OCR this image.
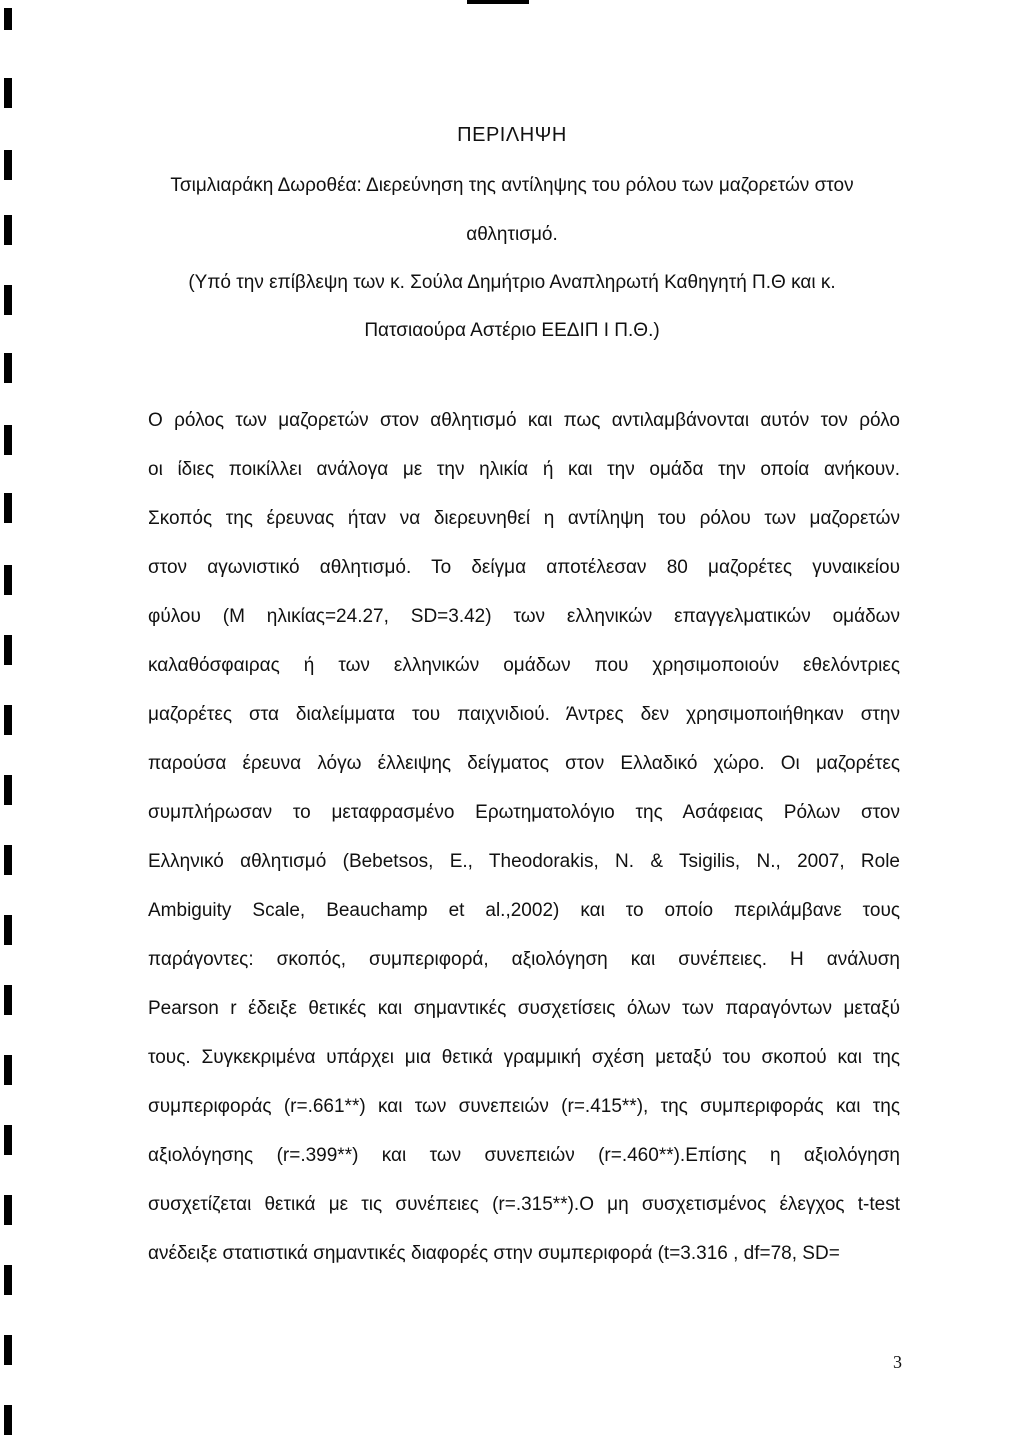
ΠΕΡΙΛΗΨΗ
Τσιμλιαράκη Δωροθέα: Διερεύνηση της αντίληψης του ρόλου των μαζορετών στον
αθλητισμό.
(Υπό την επίβλεψη των κ. Σούλα Δημήτριο Αναπληρωτή Καθηγητή Π.Θ και κ.
Πατσιαούρα Αστέριο ΕΕΔΙΠ Ι Π.Θ.)
Ο ρόλος των μαζορετών στον αθλητισμό και πως αντιλαμβάνονται αυτόν τον ρόλο
οι ίδιες ποικίλλει ανάλογα με την ηλικία ή και την ομάδα την οποία ανήκουν.
Σκοπός της έρευνας ήταν να διερευνηθεί η αντίληψη του ρόλου των μαζορετών
στον αγωνιστικό αθλητισμό. Το δείγμα αποτέλεσαν 80 μαζορέτες γυναικείου
φύλου (Μ ηλικίας=24.27, SD=3.42) των ελληνικών επαγγελματικών ομάδων
καλαθόσφαιρας ή των ελληνικών ομάδων που χρησιμοποιούν εθελόντριες
μαζορέτες στα διαλείμματα του παιχνιδιού. Άντρες δεν χρησιμοποιήθηκαν στην
παρούσα έρευνα λόγω έλλειψης δείγματος στον Ελλαδικό χώρο. Οι μαζορέτες
συμπλήρωσαν το μεταφρασμένο Ερωτηματολόγιο της Ασάφειας Ρόλων στον
Ελληνικό αθλητισμό (Bebetsos, E., Theodorakis, N. & Tsigilis, N., 2007, Role
Ambiguity Scale, Beauchamp et al.,2002) και το οποίο περιλάμβανε τους
παράγοντες: σκοπός, συμπεριφορά, αξιολόγηση και συνέπειες. Η ανάλυση
Pearson r έδειξε θετικές και σημαντικές συσχετίσεις όλων των παραγόντων μεταξύ
τους. Συγκεκριμένα υπάρχει μια θετικά γραμμική σχέση μεταξύ του σκοπού και της
συμπεριφοράς (r=.661**) και των συνεπειών (r=.415**), της συμπεριφοράς και της
αξιολόγησης (r=.399**) και των συνεπειών (r=.460**).Επίσης η αξιολόγηση
συσχετίζεται θετικά με τις συνέπειες (r=.315**).Ο μη συσχετισμένος έλεγχος t-test
ανέδειξε στατιστικά σημαντικές διαφορές στην συμπεριφορά (t=3.316 , df=78, SD=
3
